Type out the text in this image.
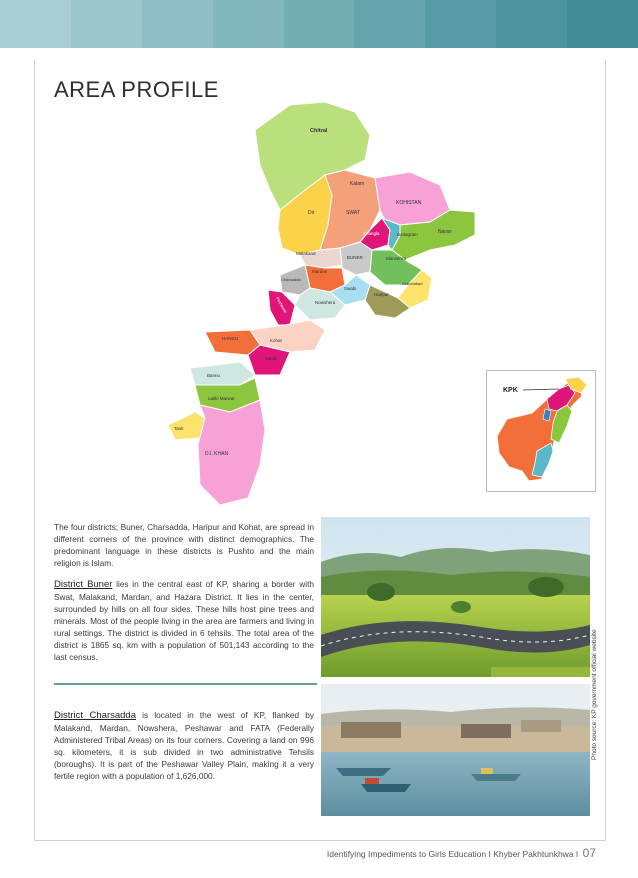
AREA PROFILE
Chitral
Kalam
KOHISTAN
Dir	SWAT
Naran
Shangla	Battagram
Malakand
BUNER	Mansehra
Mardan
Charsadda
Abbottabad
Swabi
Haripur
Peshawar	Nowshera
HANGU	Kohat
Karak
Bannu
Lakki Marwat
Tank
D.I. KHAN
KPK

The four districts; Buner, Charsadda, Haripur and Kohat, are spread in different corners of the province with distinct demographics. The predominant language in these districts is Pushto and the main religion is Islam.

District Buner lies in the central east of KP, sharing a border with Swat, Malakand, Mardan, and Hazara District. It lies in the center, surrounded by hills on all four sides. These hills host pine trees and minerals. Most of the people living in the area are farmers and living in rural settings. The district is divided in 6 tehsils. The total area of the district is 1865 sq. km with a population of 501,143 according to the last census.

District Charsadda is located in the west of KP, flanked by Malakand, Mardan, Nowshera, Peshawar and FATA (Federally Administered Tribal Areas) on its four corners. Covering a land on 996 sq. kilometers, it is sub divided in two administrative Tehsils (boroughs). It is part of the Peshawar Valley Plain, making it a very fertile region with a population of 1,626,000.

Photo source: KP government official website
Identifying Impediments to Girls Education I Khyber Pakhtunkhwa I 07
